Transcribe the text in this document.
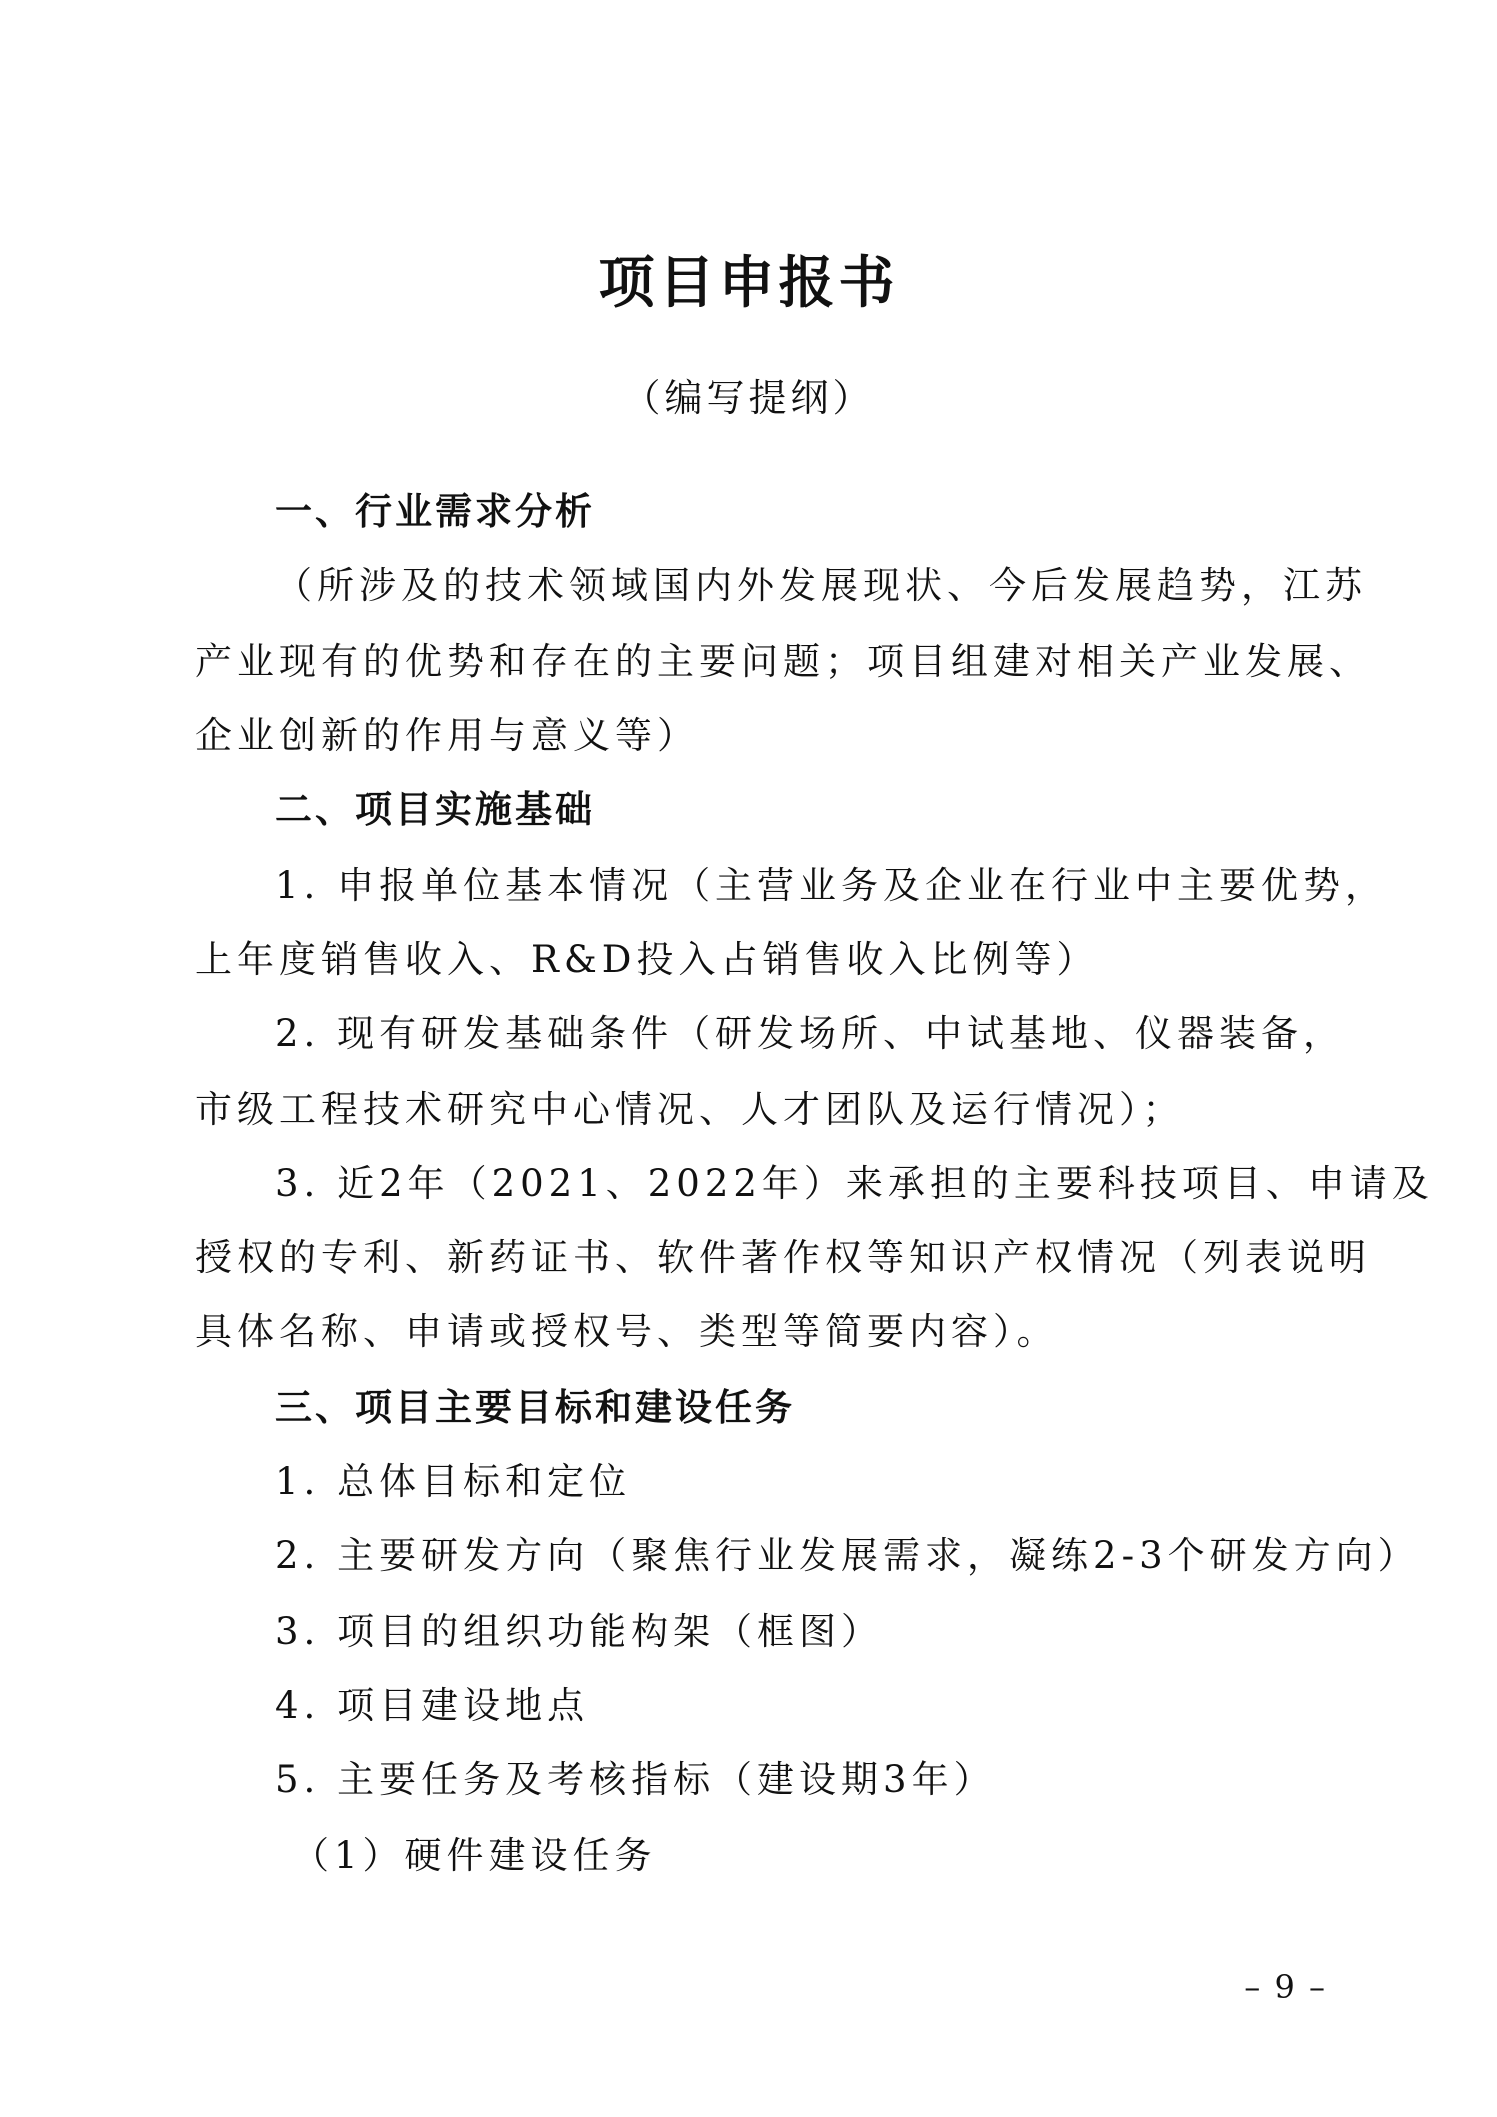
项目申报书
（编写提纲）
一、行业需求分析
（所涉及的技术领域国内外发展现状、今后发展趋势，江苏
产业现有的优势和存在的主要问题；项目组建对相关产业发展、
企业创新的作用与意义等）
二、项目实施基础
1. 申报单位基本情况（主营业务及企业在行业中主要优势，
上年度销售收入、R&D投入占销售收入比例等）
2. 现有研发基础条件（研发场所、中试基地、仪器装备，
市级工程技术研究中心情况、人才团队及运行情况）；
3. 近2年（2021、2022年）来承担的主要科技项目、申请及
授权的专利、新药证书、软件著作权等知识产权情况（列表说明
具体名称、申请或授权号、类型等简要内容）。
三、项目主要目标和建设任务
1. 总体目标和定位
2. 主要研发方向（聚焦行业发展需求，凝练2-3个研发方向）
3. 项目的组织功能构架（框图）
4. 项目建设地点
5. 主要任务及考核指标（建设期3年）
（1）硬件建设任务
– 9 –
